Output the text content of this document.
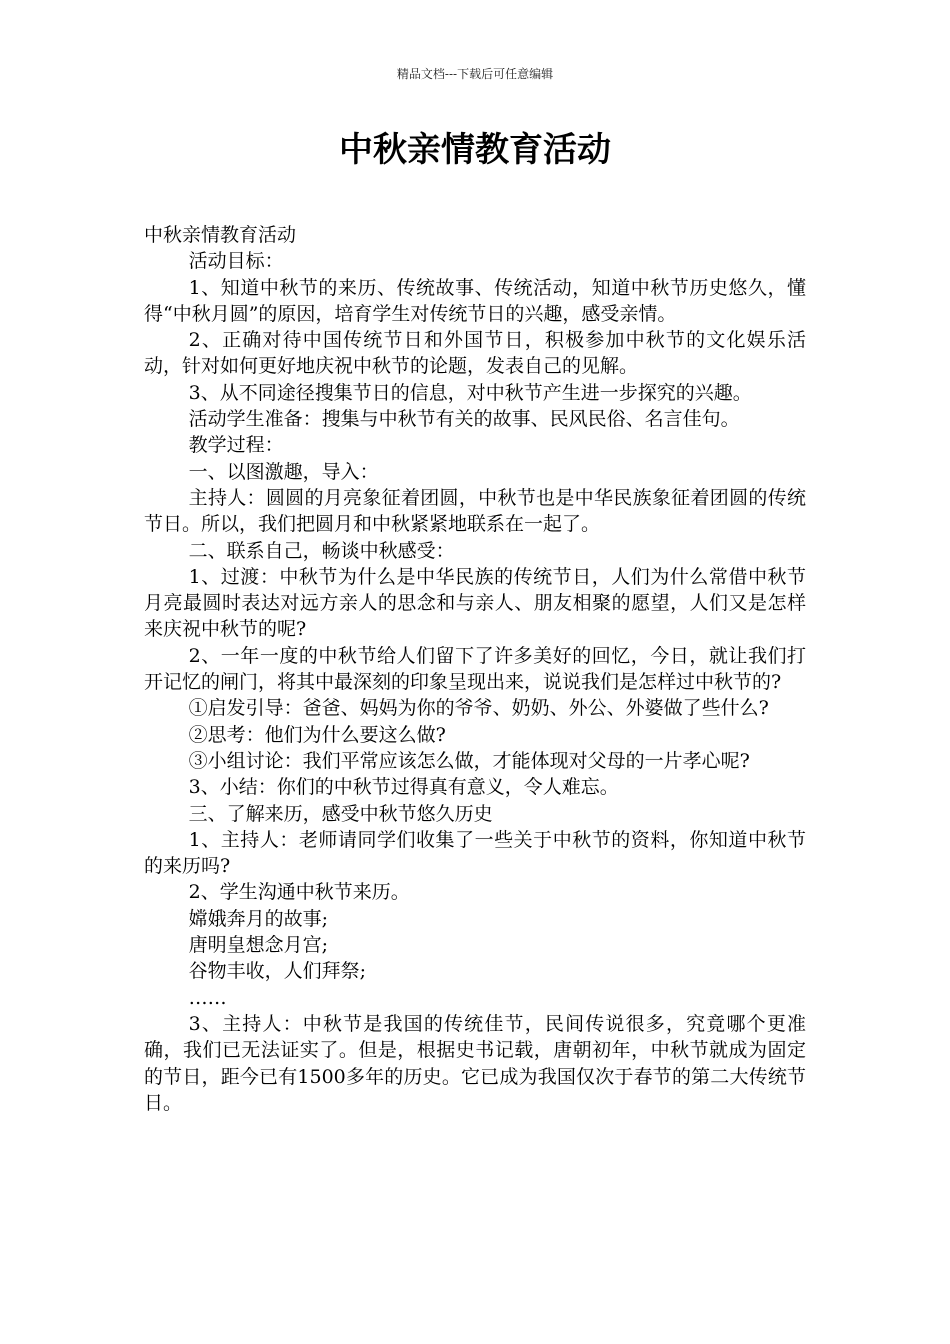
精品文档---下载后可任意编辑
中秋亲情教育活动

中秋亲情教育活动

活动目标：

1、知道中秋节的来历、传统故事、传统活动，知道中秋节历史悠久，懂得“中秋月圆”的原因，培育学生对传统节日的兴趣，感受亲情。

2、正确对待中国传统节日和外国节日，积极参加中秋节的文化娱乐活动，针对如何更好地庆祝中秋节的论题，发表自己的见解。

3、从不同途径搜集节日的信息，对中秋节产生进一步探究的兴趣。

活动学生准备：搜集与中秋节有关的故事、民风民俗、名言佳句。

教学过程：

一、以图激趣，导入：

主持人：圆圆的月亮象征着团圆，中秋节也是中华民族象征着团圆的传统节日。所以，我们把圆月和中秋紧紧地联系在一起了。

二、联系自己，畅谈中秋感受：

1、过渡：中秋节为什么是中华民族的传统节日，人们为什么常借中秋节月亮最圆时表达对远方亲人的思念和与亲人、朋友相聚的愿望，人们又是怎样来庆祝中秋节的呢?

2、一年一度的中秋节给人们留下了许多美好的回忆，今日，就让我们打开记忆的闸门，将其中最深刻的印象呈现出来，说说我们是怎样过中秋节的?

①启发引导：爸爸、妈妈为你的爷爷、奶奶、外公、外婆做了些什么?

②思考：他们为什么要这么做?

③小组讨论：我们平常应该怎么做，才能体现对父母的一片孝心呢?

3、小结：你们的中秋节过得真有意义，令人难忘。

三、了解来历，感受中秋节悠久历史

1、主持人：老师请同学们收集了一些关于中秋节的资料，你知道中秋节的来历吗?

2、学生沟通中秋节来历。

嫦娥奔月的故事;

唐明皇想念月宫;

谷物丰收，人们拜祭;

……

3、主持人：中秋节是我国的传统佳节，民间传说很多，究竟哪个更准确，我们已无法证实了。但是，根据史书记载，唐朝初年，中秋节就成为固定的节日，距今已有1500多年的历史。它已成为我国仅次于春节的第二大传统节日。
